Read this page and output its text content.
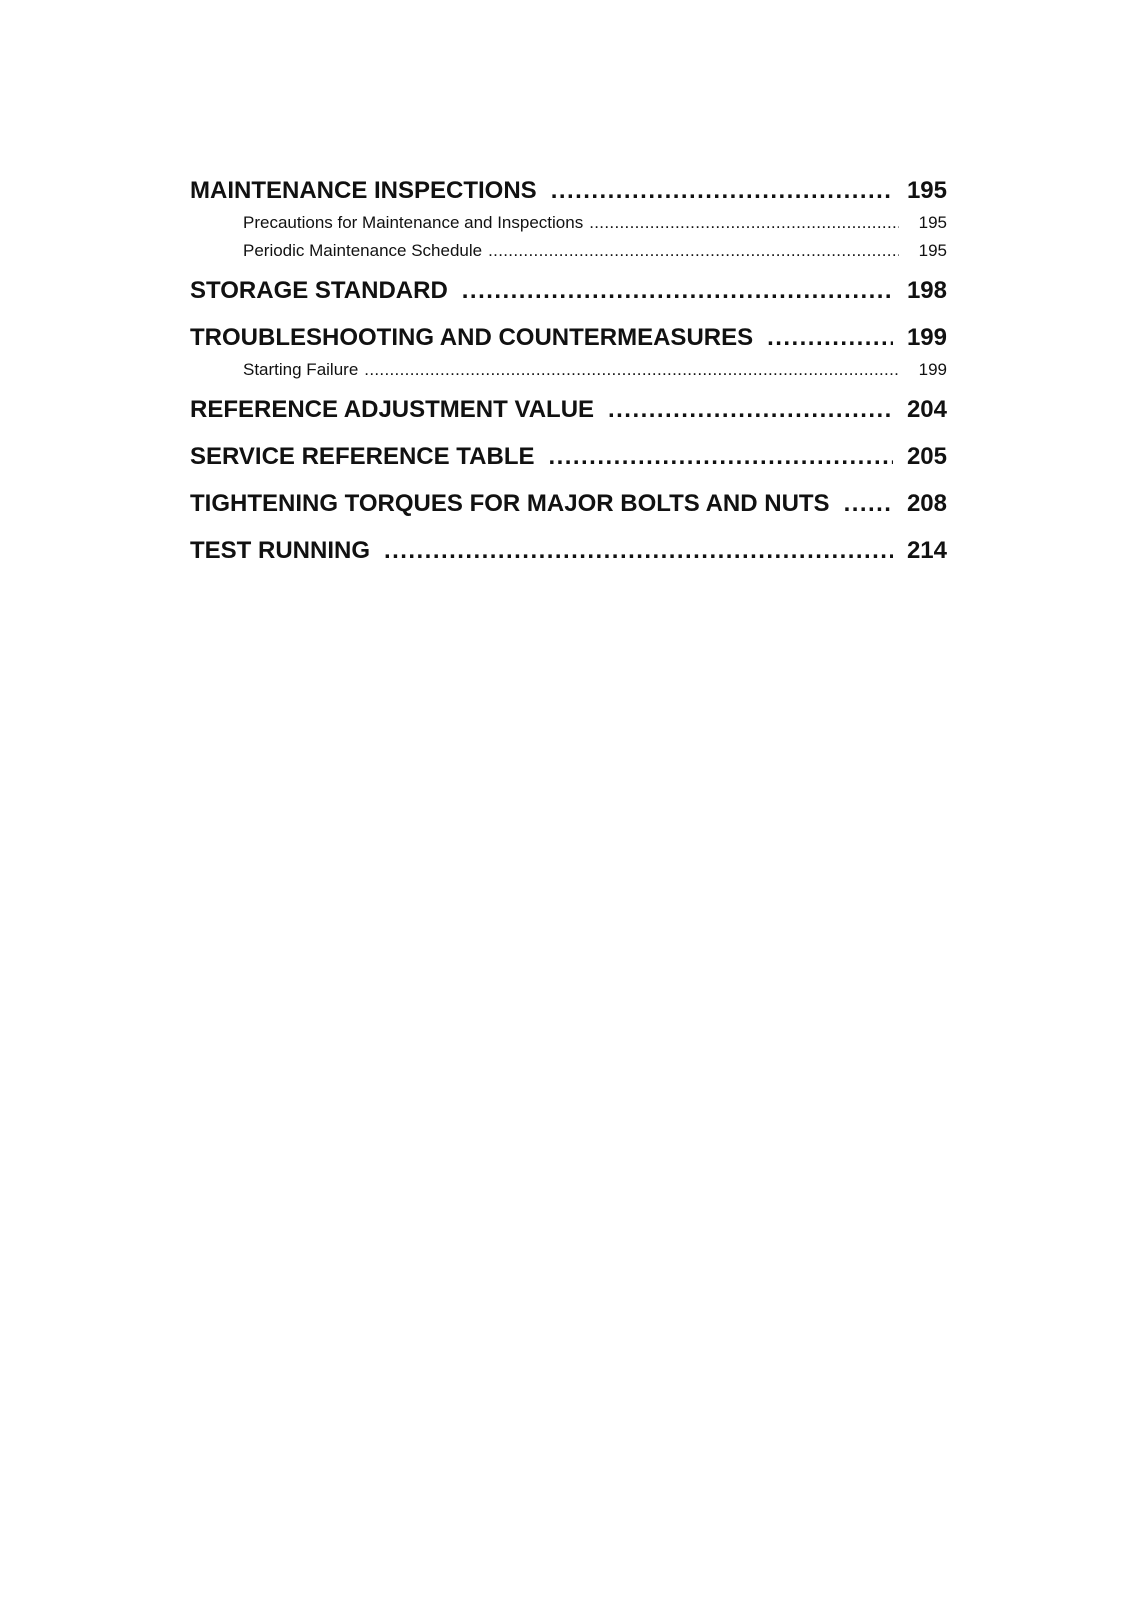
MAINTENANCE INSPECTIONS . . .	195
Precautions for Maintenance and Inspections . . .	195
Periodic Maintenance Schedule . . .	195
STORAGE STANDARD . . .	198
TROUBLESHOOTING AND COUNTERMEASURES . . .	199
Starting Failure . . .	199
REFERENCE ADJUSTMENT VALUE . . .	204
SERVICE REFERENCE TABLE . . .	205
TIGHTENING TORQUES FOR MAJOR BOLTS AND NUTS . . .	208
TEST RUNNING . . .	214
